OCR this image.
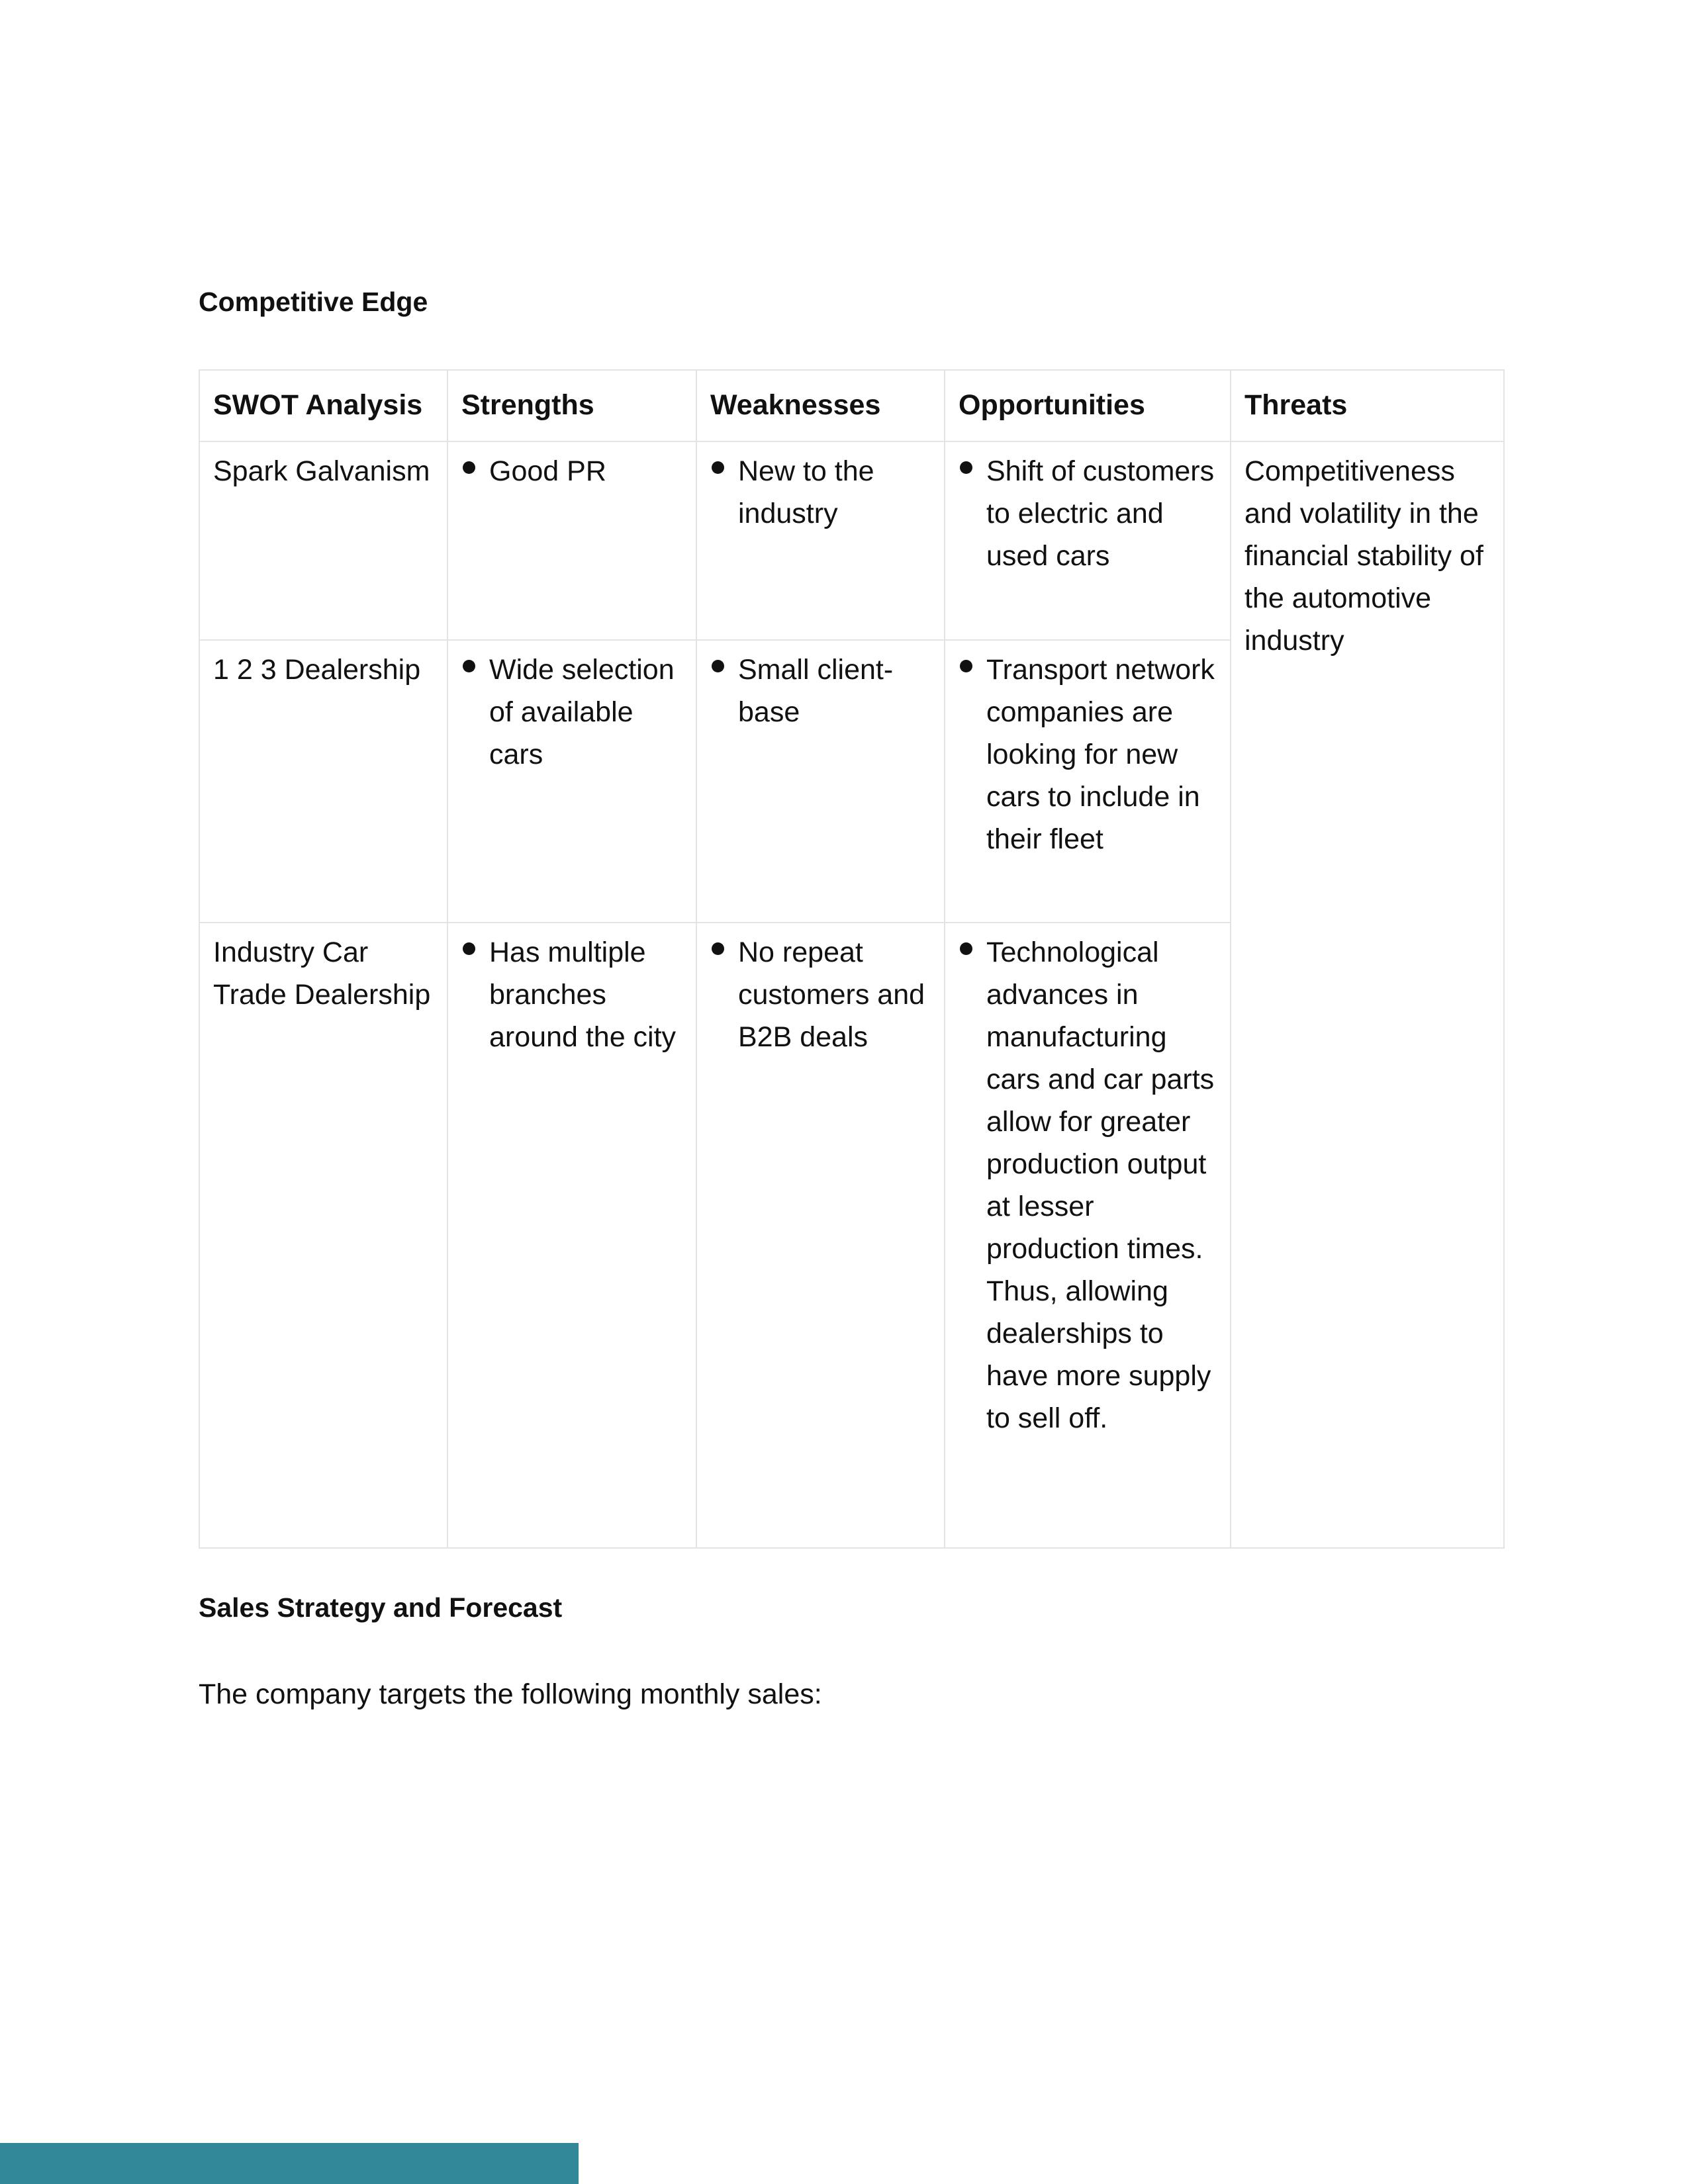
Competitive Edge
SWOT Analysis	Strengths	Weaknesses	Opportunities	Threats
Spark Galvanism	Good PR	New to the industry	Shift of customers to electric and used cars	Competitiveness and volatility in the financial stability of the automotive industry
1 2 3 Dealership	Wide selection of available cars	Small client-base	Transport network companies are looking for new cars to include in their fleet	
Industry Car Trade Dealership	Has multiple branches around the city	No repeat customers and B2B deals	Technological advances in manufacturing cars and car parts allow for greater production output at lesser production times. Thus, allowing dealerships to have more supply to sell off.	
Sales Strategy and Forecast

The company targets the following monthly sales:
